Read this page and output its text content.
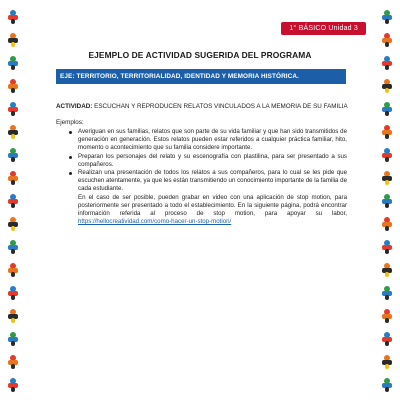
1° BÁSICO Unidad 3
EJEMPLO DE ACTIVIDAD SUGERIDA DEL PROGRAMA
EJE: TERRITORIO, TERRITORIALIDAD, IDENTIDAD Y MEMORIA HISTÓRICA.
ACTIVIDAD: ESCUCHAN Y REPRODUCEN RELATOS VINCULADOS A LA MEMORIA DE SU FAMILIA
Ejemplos:
Averiguan en sus familias, relatos que son parte de su vida familiar y que han sido transmitidos de generación en generación. Estos relatos pueden estar referidos a cualquier práctica familiar, hito, momento o acontecimiento que su familia considere importante.
Preparan los personajes del relato y su escenografía con plastilina, para ser presentado a sus compañeros.
Realizan una presentación de todos los relatos a sus compañeros, para lo cual se les pide que escuchen atentamente, ya que les están transmitiendo un conocimiento importante de la familia de cada estudiante.
En el caso de ser posible, pueden grabar en video con una aplicación de stop motion, para posteriormente ser presentado a todo el establecimiento. En la siguiente página, podrá encontrar información referida al proceso de stop motion, para apoyar su labor, https://hellocreatividad.com/como-hacer-un-stop-motion/
